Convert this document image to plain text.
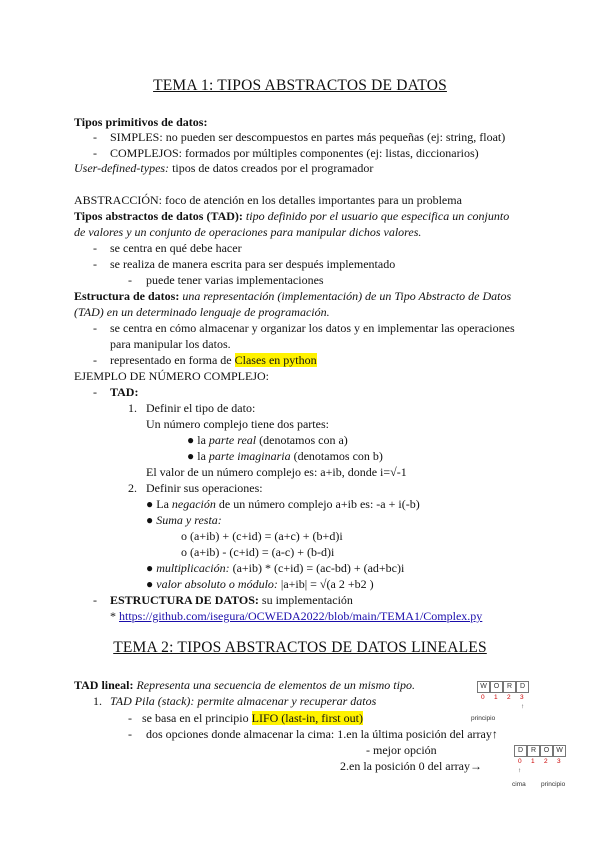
TEMA 1: TIPOS ABSTRACTOS DE DATOS
Tipos primitivos de datos:
- SIMPLES: no pueden ser descompuestos en partes más pequeñas (ej: string, float)
- COMPLEJOS: formados por múltiples componentes (ej: listas, diccionarios)
User-defined-types: tipos de datos creados por el programador
ABSTRACCIÓN: foco de atención en los detalles importantes para un problema
Tipos abstractos de datos (TAD): tipo definido por el usuario que especifica un conjunto
de valores y un conjunto de operaciones para manipular dichos valores.
- se centra en qué debe hacer
- se realiza de manera escrita para ser después implementado
- puede tener varias implementaciones
Estructura de datos: una representación (implementación) de un Tipo Abstracto de Datos
(TAD) en un determinado lenguaje de programación.
- se centra en cómo almacenar y organizar los datos y en implementar las operaciones
para manipular los datos.
- representado en forma de Clases en python
EJEMPLO DE NÚMERO COMPLEJO:
- TAD:
1. Definir el tipo de dato:
Un número complejo tiene dos partes:
● la parte real (denotamos con a)
● la parte imaginaria (denotamos con b)
El valor de un número complejo es: a+ib, donde i=√-1
2. Definir sus operaciones:
● La negación de un número complejo a+ib es: -a + i(-b)
● Suma y resta:
o (a+ib) + (c+id) = (a+c) + (b+d)i
o (a+ib) - (c+id) = (a-c) + (b-d)i
● multiplicación: (a+ib) * (c+id) = (ac-bd) + (ad+bc)i
● valor absoluto o módulo: |a+ib| = √(a 2 +b2 )
- ESTRUCTURA DE DATOS: su implementación
* https://github.com/isegura/OCWEDA2022/blob/main/TEMA1/Complex.py
TEMA 2: TIPOS ABSTRACTOS DE DATOS LINEALES
TAD lineal: Representa una secuencia de elementos de un mismo tipo.
1. TAD Pila (stack): permite almacenar y recuperar datos
- se basa en el principio LIFO (last-in, first out)
- dos opciones donde almacenar la cima: 1.en la última posición del array↑
- mejor opción
2.en la posición 0 del array→
W O	R	D
0 1 2 3
↑
principio
D	R	O W
0 1 2 3
↑
cima principio
